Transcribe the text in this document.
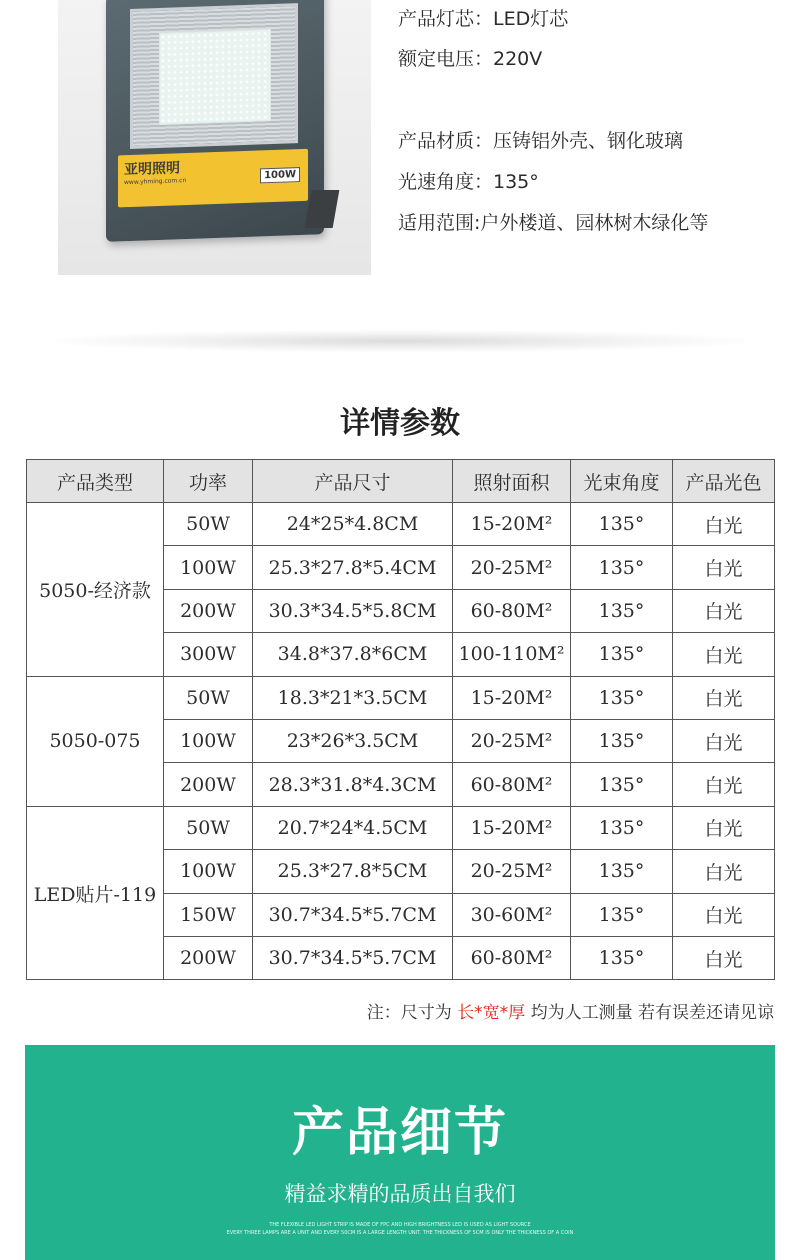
亚明照明
www.yhming.com.cn
100W
产品灯芯：LED灯芯
额定电压：220V
产品材质：压铸铝外壳、钢化玻璃
光速角度：135°
适用范围:户外楼道、园林树木绿化等
详情参数
产品类型	功率	产品尺寸	照射面积	光束角度	产品光色
5050-经济款	50W	24*25*4.8CM	15-20M²	135°	白光
	100W	25.3*27.8*5.4CM	20-25M²	135°	白光
	200W	30.3*34.5*5.8CM	60-80M²	135°	白光
	300W	34.8*37.8*6CM	100-110M²	135°	白光
5050-075	50W	18.3*21*3.5CM	15-20M²	135°	白光
	100W	23*26*3.5CM	20-25M²	135°	白光
	200W	28.3*31.8*4.3CM	60-80M²	135°	白光
LED贴片-119	50W	20.7*24*4.5CM	15-20M²	135°	白光
	100W	25.3*27.8*5CM	20-25M²	135°	白光
	150W	30.7*34.5*5.7CM	30-60M²	135°	白光
	200W	30.7*34.5*5.7CM	60-80M²	135°	白光
注：尺寸为 长*宽*厚 均为人工测量 若有误差还请见谅
产品细节
精益求精的品质出自我们
THE FLEXIBLE LED LIGHT STRIP IS MADE OF FPC AND HIGH BRIGHTNESS LED IS USED AS LIGHT SOURCE
EVERY THREE LAMPS ARE A UNIT AND EVERY 50CM IS A LARGE LENGTH UNIT. THE THICKNESS OF 5CM IS ONLY THE THICKNESS OF A COIN
